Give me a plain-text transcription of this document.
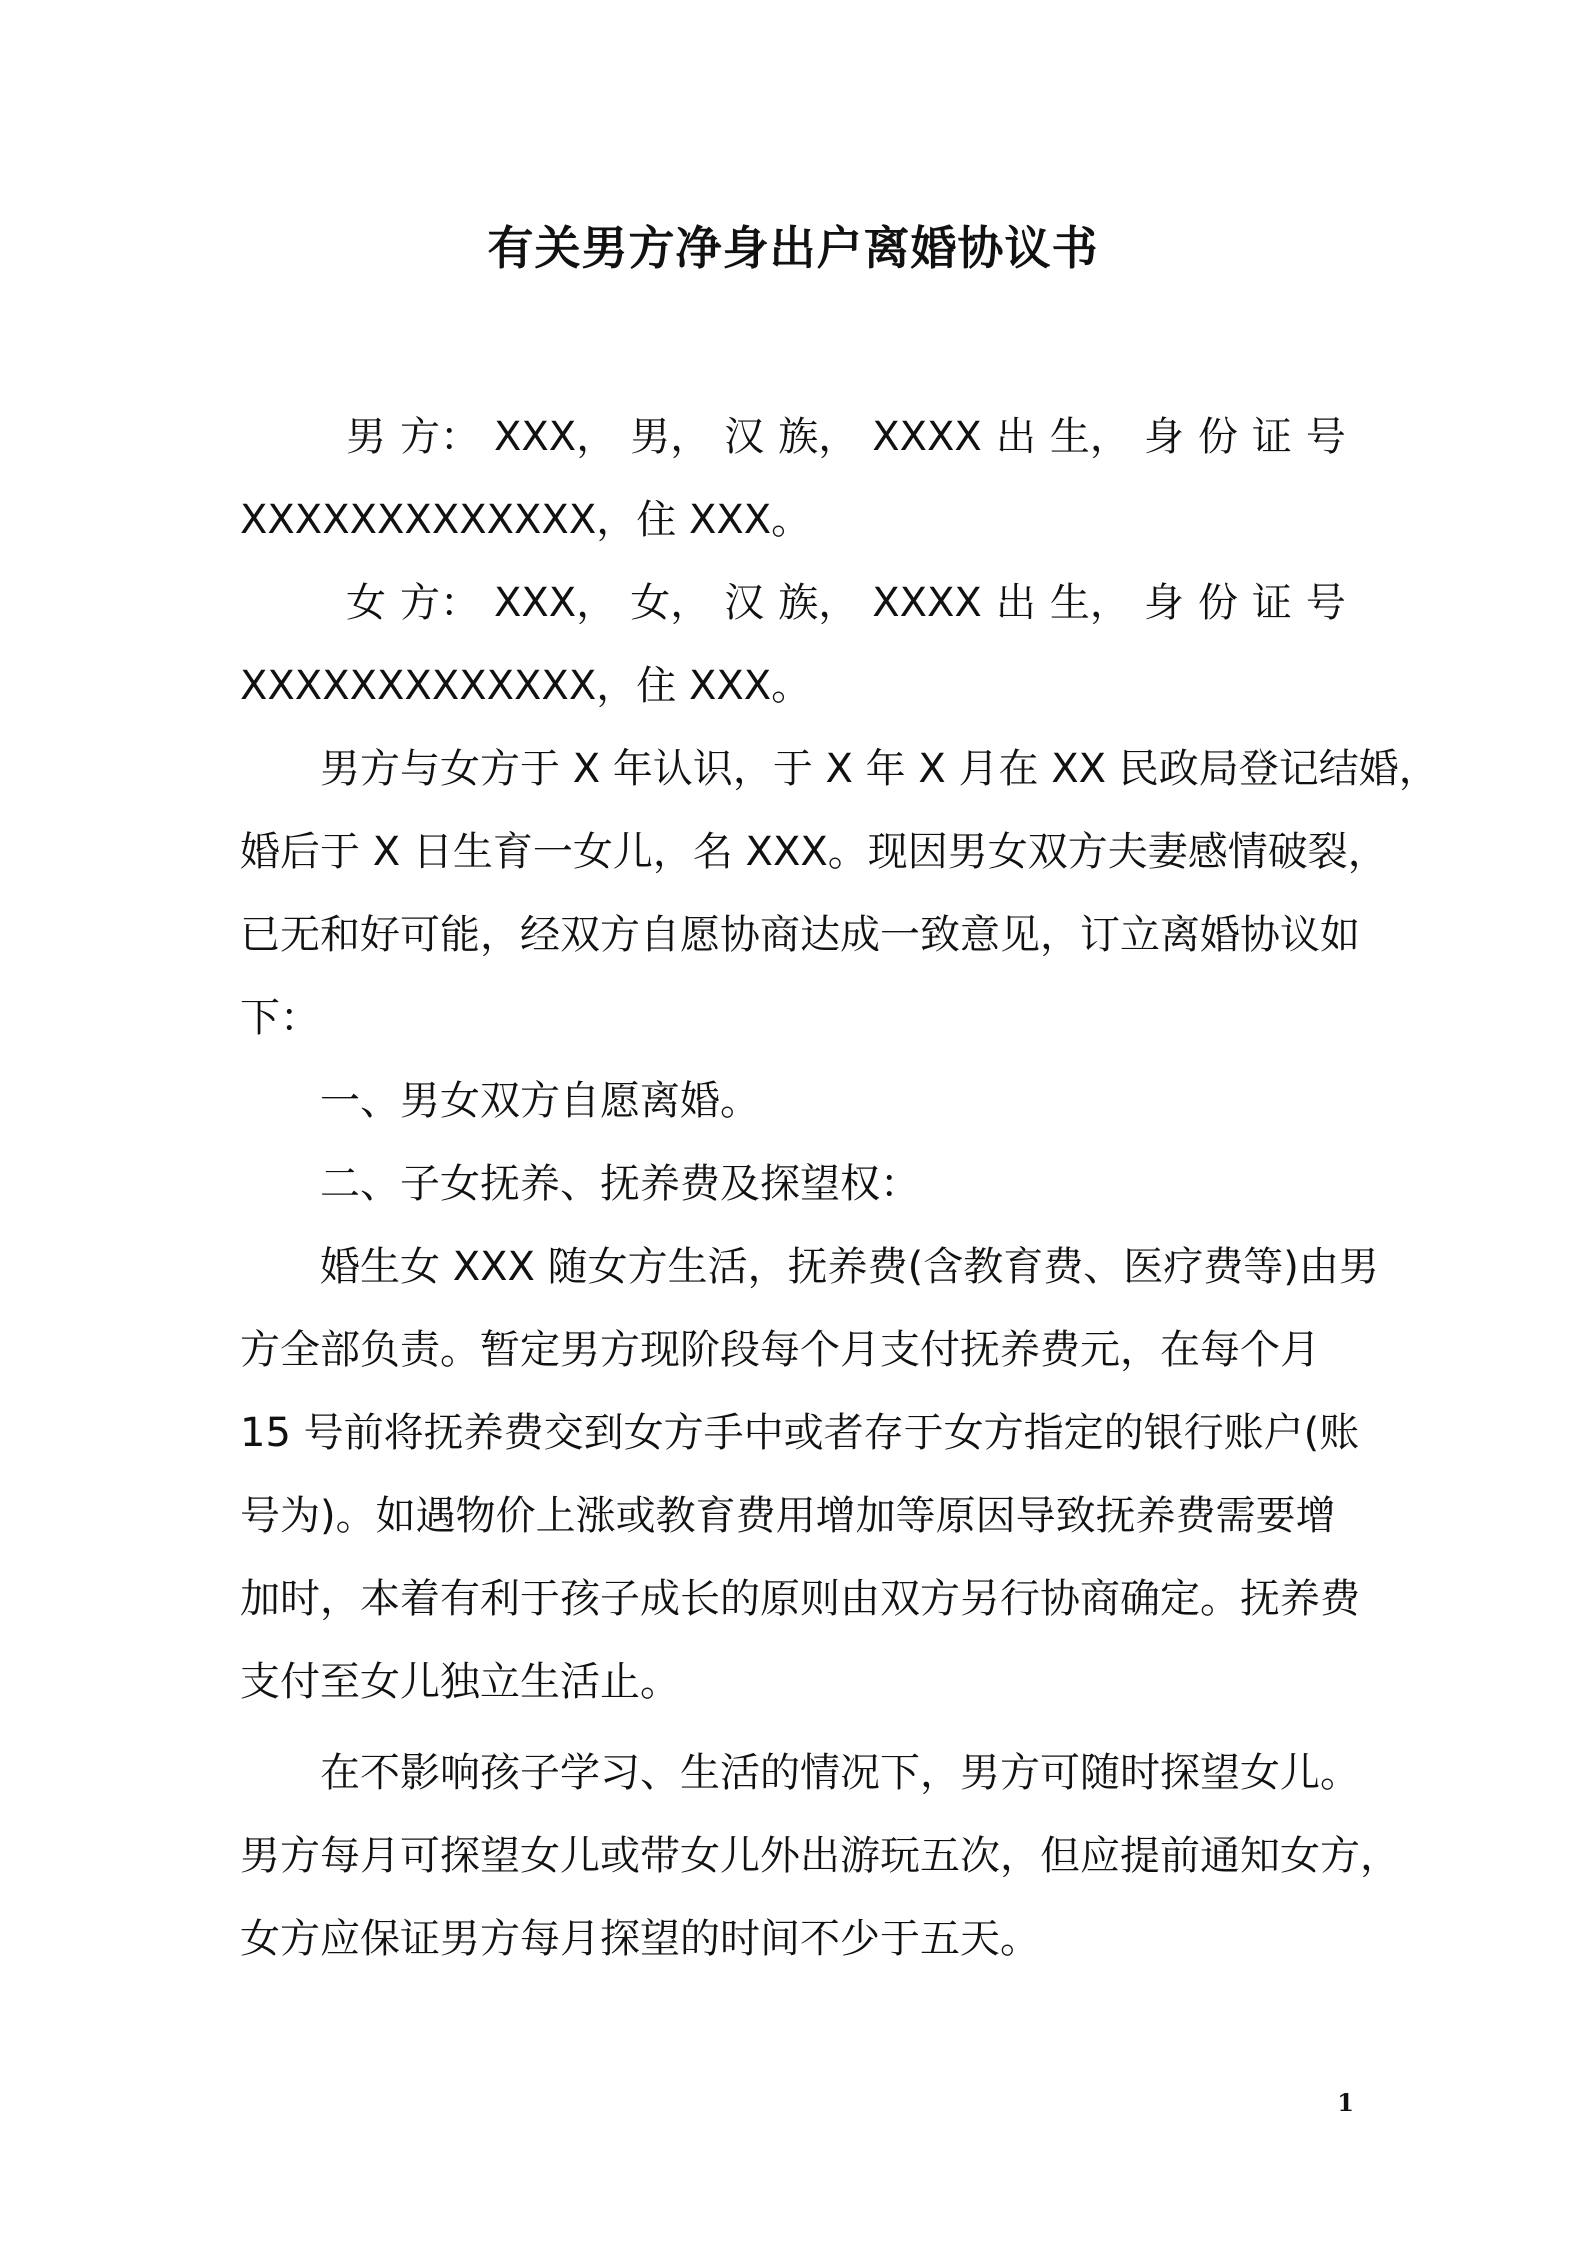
有关男方净身出户离婚协议书
男 方： XXX， 男， 汉 族， XXXX 出 生， 身 份 证 号
XXXXXXXXXXXXX，住 XXX。
女 方： XXX， 女， 汉 族， XXXX 出 生， 身 份 证 号
XXXXXXXXXXXXX，住 XXX。
男方与女方于 X 年认识，于 X 年 X 月在 XX 民政局登记结婚，
婚后于 X 日生育一女儿，名 XXX。现因男女双方夫妻感情破裂，
已无和好可能，经双方自愿协商达成一致意见，订立离婚协议如
下：
一、男女双方自愿离婚。
二、子女抚养、抚养费及探望权：
婚生女 XXX 随女方生活，抚养费(含教育费、医疗费等)由男
方全部负责。暂定男方现阶段每个月支付抚养费元，在每个月
15 号前将抚养费交到女方手中或者存于女方指定的银行账户(账
号为)。如遇物价上涨或教育费用增加等原因导致抚养费需要增
加时，本着有利于孩子成长的原则由双方另行协商确定。抚养费
支付至女儿独立生活止。
在不影响孩子学习、生活的情况下，男方可随时探望女儿。
男方每月可探望女儿或带女儿外出游玩五次，但应提前通知女方，
女方应保证男方每月探望的时间不少于五天。
1
